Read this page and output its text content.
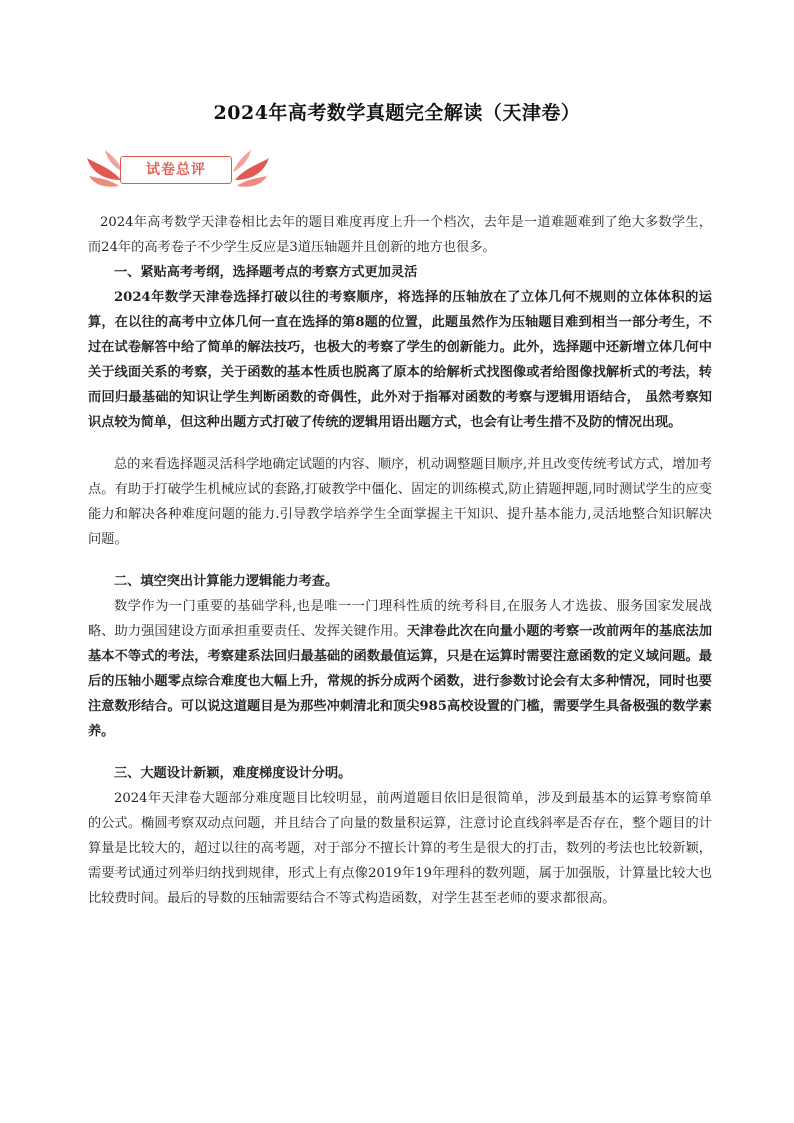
2024年高考数学真题完全解读（天津卷）
试卷总评

2024年高考数学天津卷相比去年的题目难度再度上升一个档次，去年是一道难题难到了绝大多数学生，而24年的高考卷子不少学生反应是3道压轴题并且创新的地方也很多。

一、紧贴高考考纲，选择题考点的考察方式更加灵活

2024年数学天津卷选择打破以往的考察顺序，将选择的压轴放在了立体几何不规则的立体体积的运算，在以往的高考中立体几何一直在选择的第8题的位置，此题虽然作为压轴题目难到相当一部分考生，不过在试卷解答中给了简单的解法技巧，也极大的考察了学生的创新能力。此外，选择题中还新增立体几何中关于线面关系的考察，关于函数的基本性质也脱离了原本的给解析式找图像或者给图像找解析式的考法，转而回归最基础的知识让学生判断函数的奇偶性，此外对于指幂对函数的考察与逻辑用语结合， 虽然考察知识点较为简单，但这种出题方式打破了传统的逻辑用语出题方式，也会有让考生措不及防的情况出现。

总的来看选择题灵活科学地确定试题的内容、顺序，机动调整题目顺序,并且改变传统考试方式，增加考点。有助于打破学生机械应试的套路,打破教学中僵化、固定的训练模式,防止猜题押题,同时测试学生的应变能力和解决各种难度问题的能力.引导教学培养学生全面掌握主干知识、提升基本能力,灵活地整合知识解决问题。

二、填空突出计算能力逻辑能力考查。

数学作为一门重要的基础学科,也是唯一一门理科性质的统考科目,在服务人才选拔、服务国家发展战略、助力强国建设方面承担重要责任、发挥关键作用。天津卷此次在向量小题的考察一改前两年的基底法加基本不等式的考法，考察建系法回归最基础的函数最值运算，只是在运算时需要注意函数的定义域问题。最后的压轴小题零点综合难度也大幅上升，常规的拆分成两个函数，进行参数讨论会有太多种情况，同时也要注意数形结合。可以说这道题目是为那些冲刺清北和顶尖985高校设置的门槛，需要学生具备极强的数学素养。

三、大题设计新颖，难度梯度设计分明。

2024年天津卷大题部分难度题目比较明显，前两道题目依旧是很简单，涉及到最基本的运算考察简单的公式。椭圆考察双动点问题，并且结合了向量的数量积运算，注意讨论直线斜率是否存在，整个题目的计算量是比较大的，超过以往的高考题，对于部分不擅长计算的考生是很大的打击，数列的考法也比较新颖，需要考试通过列举归纳找到规律，形式上有点像2019年19年理科的数列题，属于加强版，计算量比较大也比较费时间。最后的导数的压轴需要结合不等式构造函数，对学生甚至老师的要求都很高。
